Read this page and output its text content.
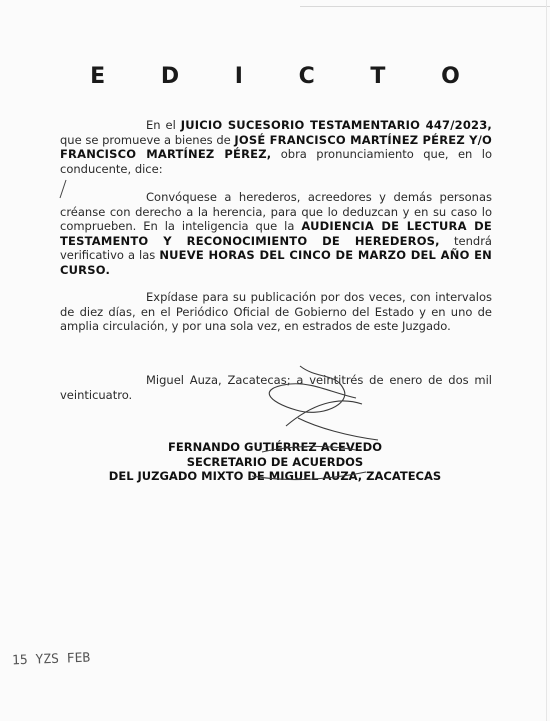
E D I C T O
En el JUICIO SUCESORIO TESTAMENTARIO 447/2023, que se promueve a bienes de JOSÉ FRANCISCO MARTÍNEZ PÉREZ Y/O FRANCISCO MARTÍNEZ PÉREZ, obra pronunciamiento que, en lo conducente, dice:
Convóquese a herederos, acreedores y demás personas créanse con derecho a la herencia, para que lo deduzcan y en su caso lo comprueben. En la inteligencia que la AUDIENCIA DE LECTURA DE TESTAMENTO Y RECONOCIMIENTO DE HEREDEROS, tendrá verificativo a las NUEVE HORAS DEL CINCO DE MARZO DEL AÑO EN CURSO.
Expídase para su publicación por dos veces, con intervalos de diez días, en el Periódico Oficial de Gobierno del Estado y en uno de amplia circulación, y por una sola vez, en estrados de este Juzgado.
Miguel Auza, Zacatecas; a veintitrés de enero de dos mil veinticuatro.
FERNANDO GUTIÉRREZ ACEVEDO
SECRETARIO DE ACUERDOS
DEL JUZGADO MIXTO DE MIGUEL AUZA, ZACATECAS
15 YZS FEB
